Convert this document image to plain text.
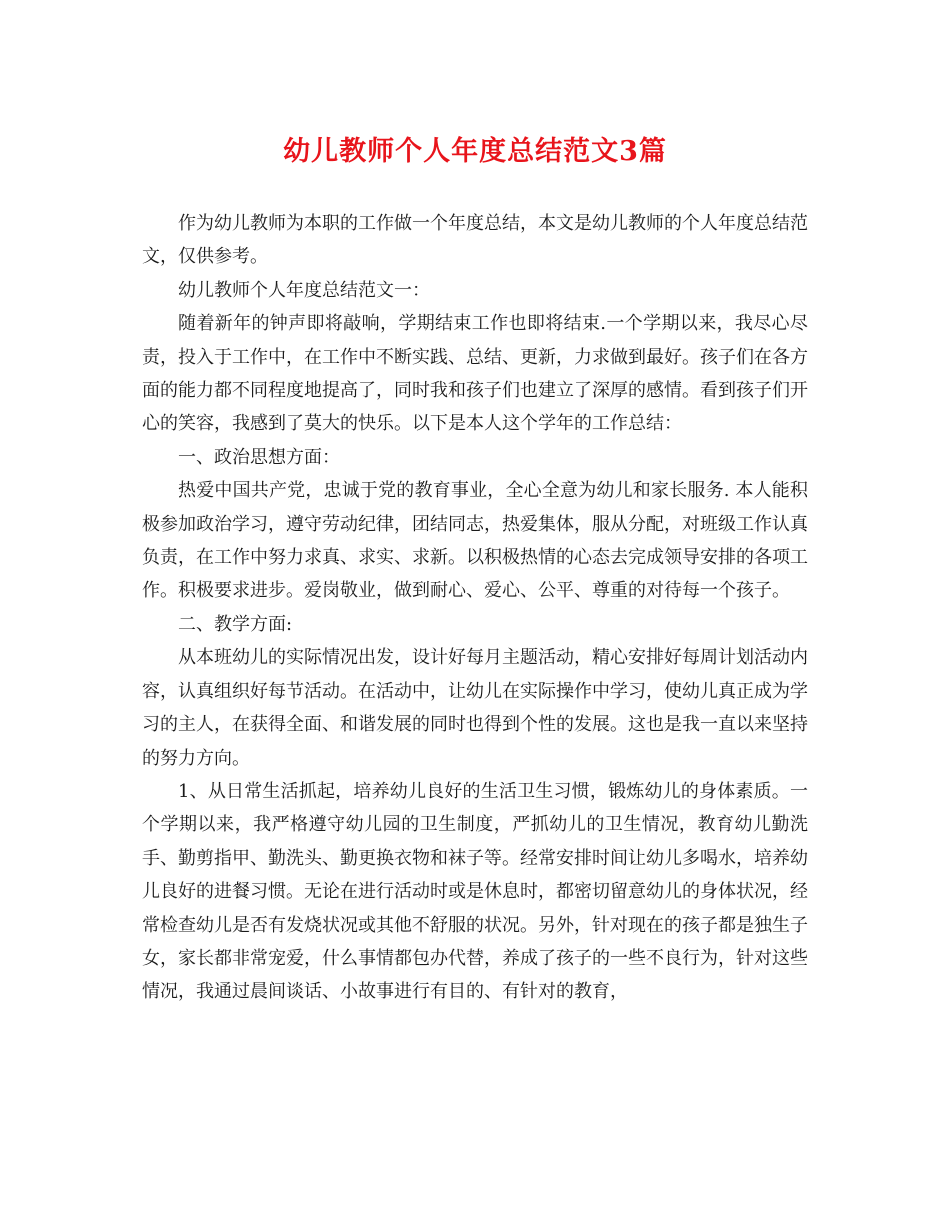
幼儿教师个人年度总结范文3篇

作为幼儿教师为本职的工作做一个年度总结，本文是幼儿教师的个人年度总结范文，仅供参考。

幼儿教师个人年度总结范文一：

随着新年的钟声即将敲响，学期结束工作也即将结束.一个学期以来，我尽心尽责，投入于工作中，在工作中不断实践、总结、更新，力求做到最好。孩子们在各方面的能力都不同程度地提高了，同时我和孩子们也建立了深厚的感情。看到孩子们开心的笑容，我感到了莫大的快乐。以下是本人这个学年的工作总结：

一、政治思想方面：

热爱中国共产党，忠诚于党的教育事业，全心全意为幼儿和家长服务. 本人能积极参加政治学习，遵守劳动纪律，团结同志，热爱集体，服从分配，对班级工作认真负责，在工作中努力求真、求实、求新。以积极热情的心态去完成领导安排的各项工作。积极要求进步。爱岗敬业，做到耐心、爱心、公平、尊重的对待每一个孩子。

二、教学方面:

从本班幼儿的实际情况出发，设计好每月主题活动，精心安排好每周计划活动内容，认真组织好每节活动。在活动中，让幼儿在实际操作中学习，使幼儿真正成为学习的主人，在获得全面、和谐发展的同时也得到个性的发展。这也是我一直以来坚持的努力方向。

1、从日常生活抓起，培养幼儿良好的生活卫生习惯，锻炼幼儿的身体素质。一个学期以来，我严格遵守幼儿园的卫生制度，严抓幼儿的卫生情况，教育幼儿勤洗手、勤剪指甲、勤洗头、勤更换衣物和袜子等。经常安排时间让幼儿多喝水，培养幼儿良好的进餐习惯。无论在进行活动时或是休息时，都密切留意幼儿的身体状况，经常检查幼儿是否有发烧状况或其他不舒服的状况。另外，针对现在的孩子都是独生子女，家长都非常宠爱，什么事情都包办代替，养成了孩子的一些不良行为，针对这些情况，我通过晨间谈话、小故事进行有目的、有针对的教育，
